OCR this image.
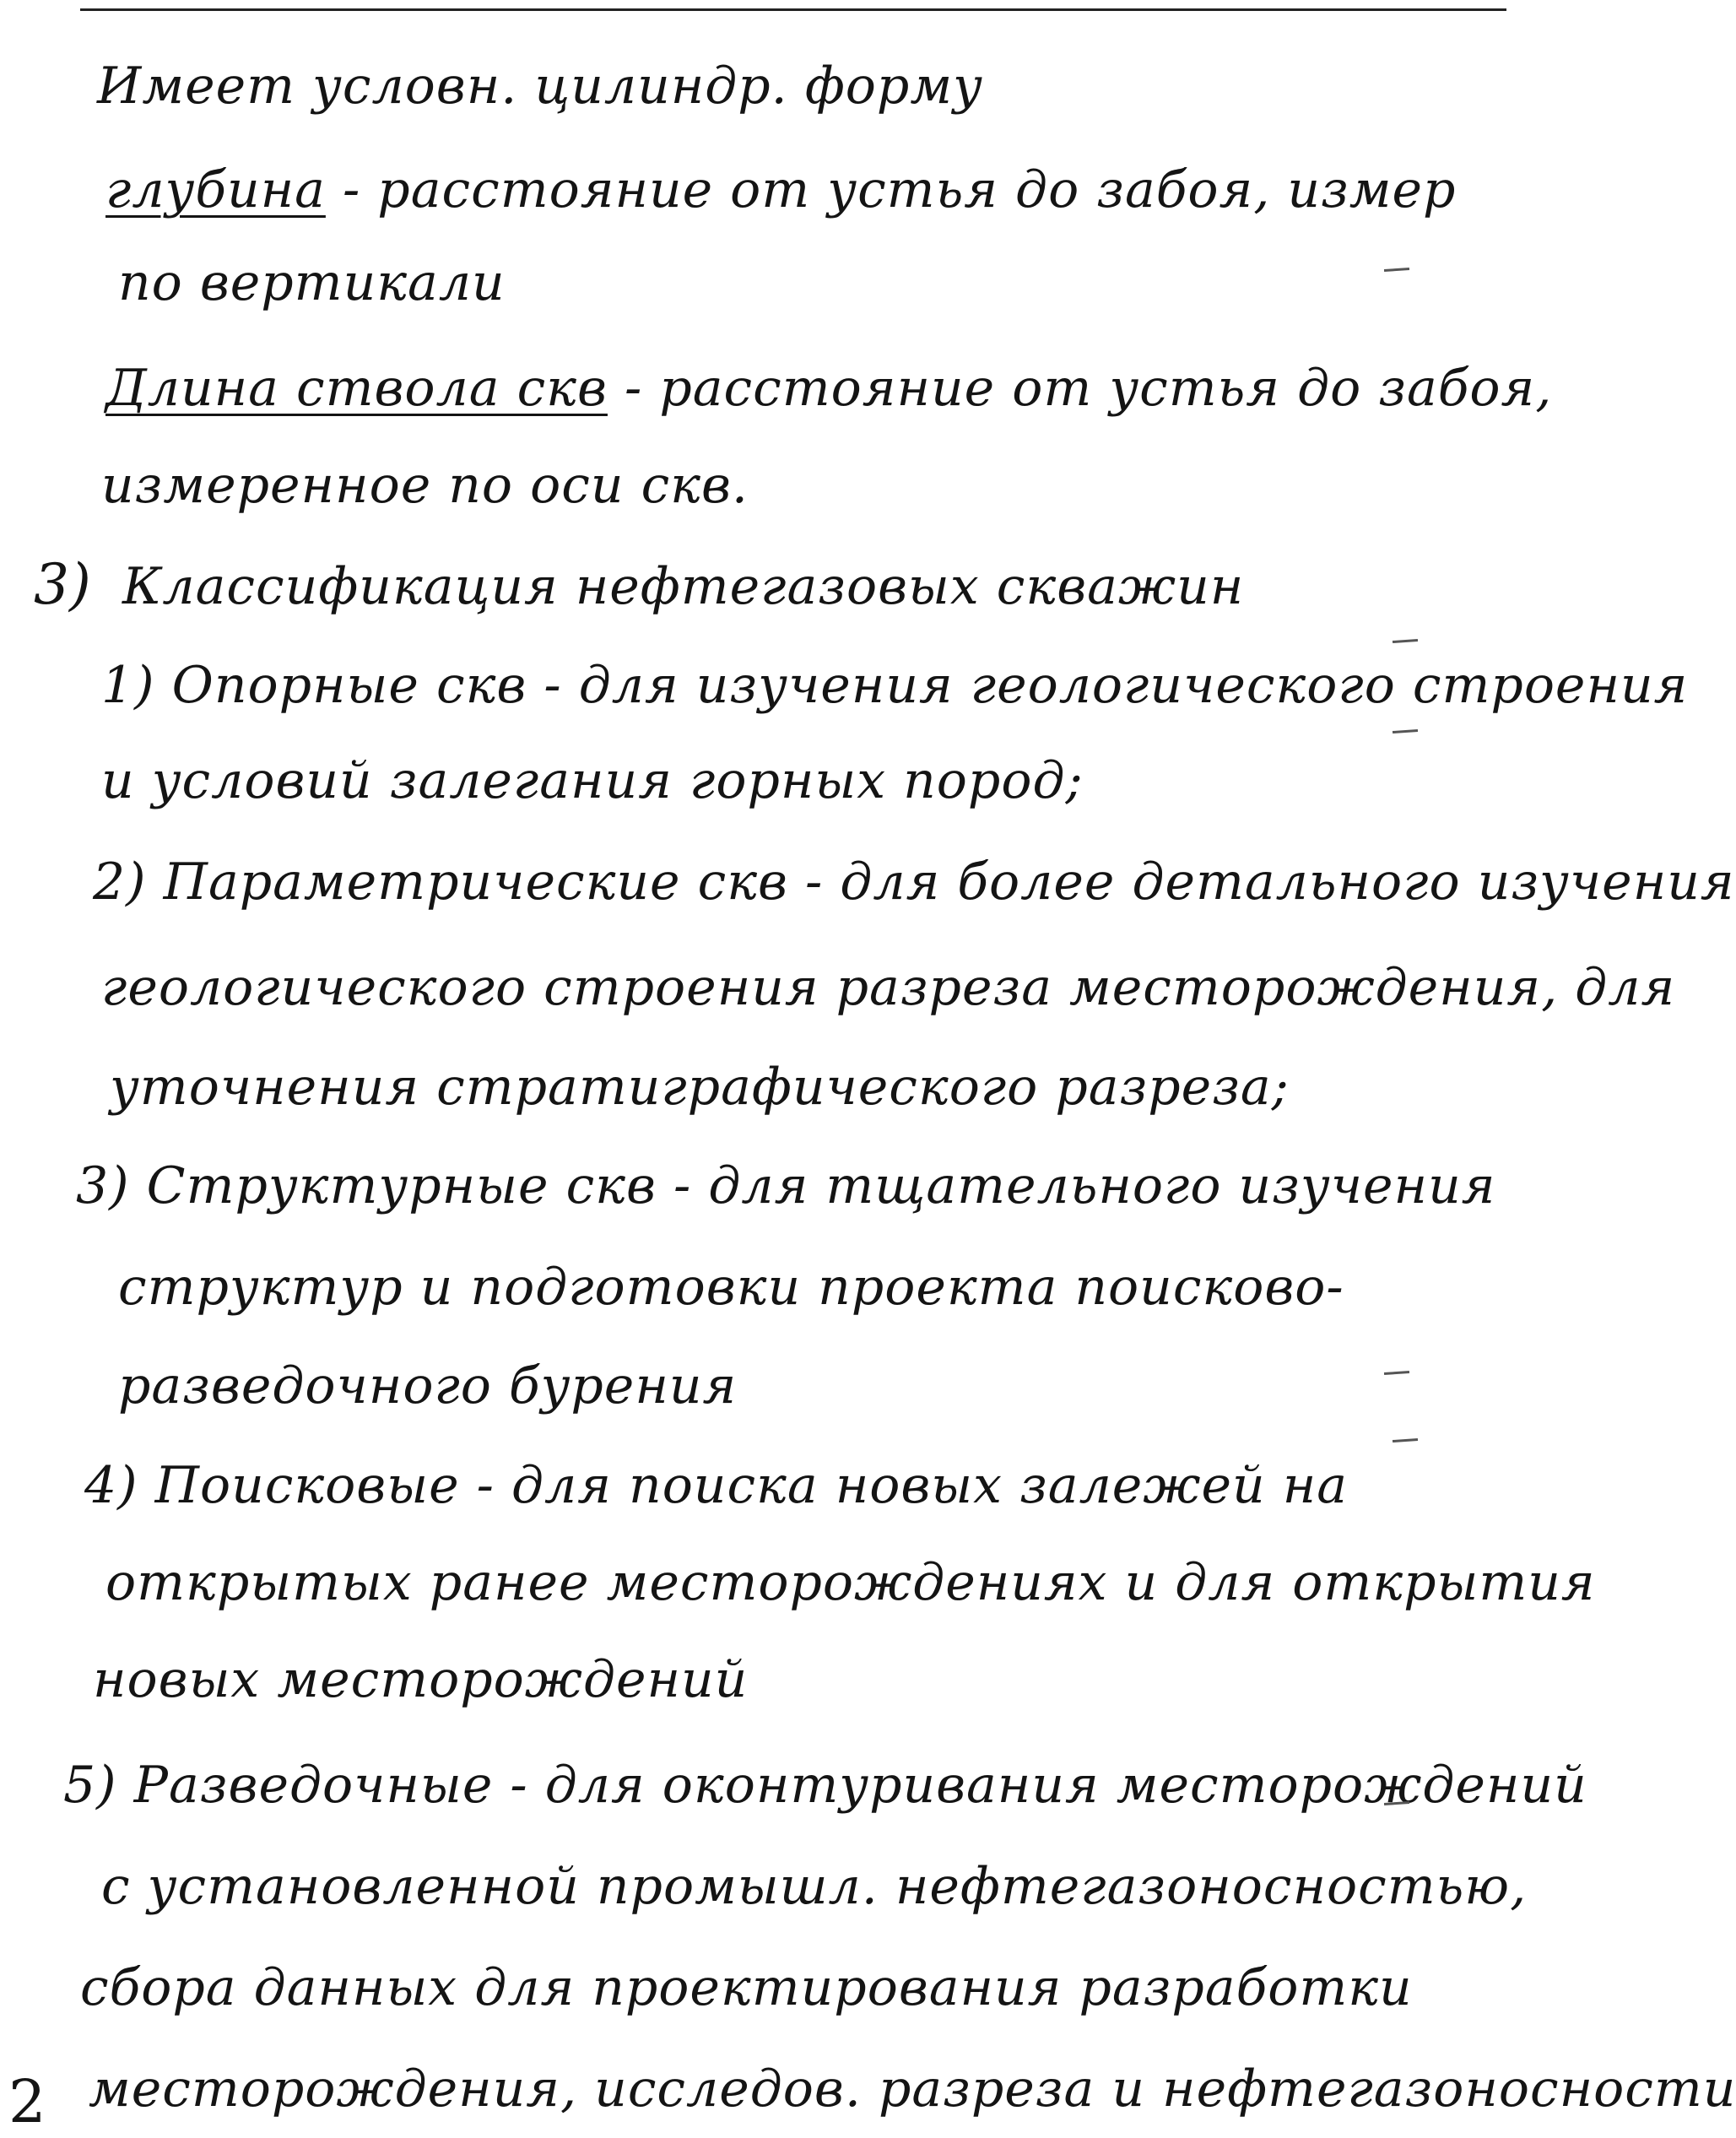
Имеет условн. цилиндр. форму
глубина - расстояние от устья до забоя, измер
по вертикали
Длина ствола скв - расстояние от устья до забоя,
измеренное по оси скв.
3) Классификация нефтегазовых скважин
1) Опорные скв - для изучения геологического строения
и условий залегания горных пород;
2) Параметрические скв - для более детального изучения
геологического строения разреза месторождения, для
уточнения стратиграфического разреза;
3) Структурные скв - для тщательного изучения
структур и подготовки проекта поисково-
разведочного бурения
4) Поисковые - для поиска новых залежей на
открытых ранее месторождениях и для открытия
новых месторождений
5) Разведочные - для оконтуривания месторождений
с установленной промышл. нефтегазоносностью,
сбора данных для проектирования разработки
месторождения, исследов. разреза и нефтегазоносности
2
